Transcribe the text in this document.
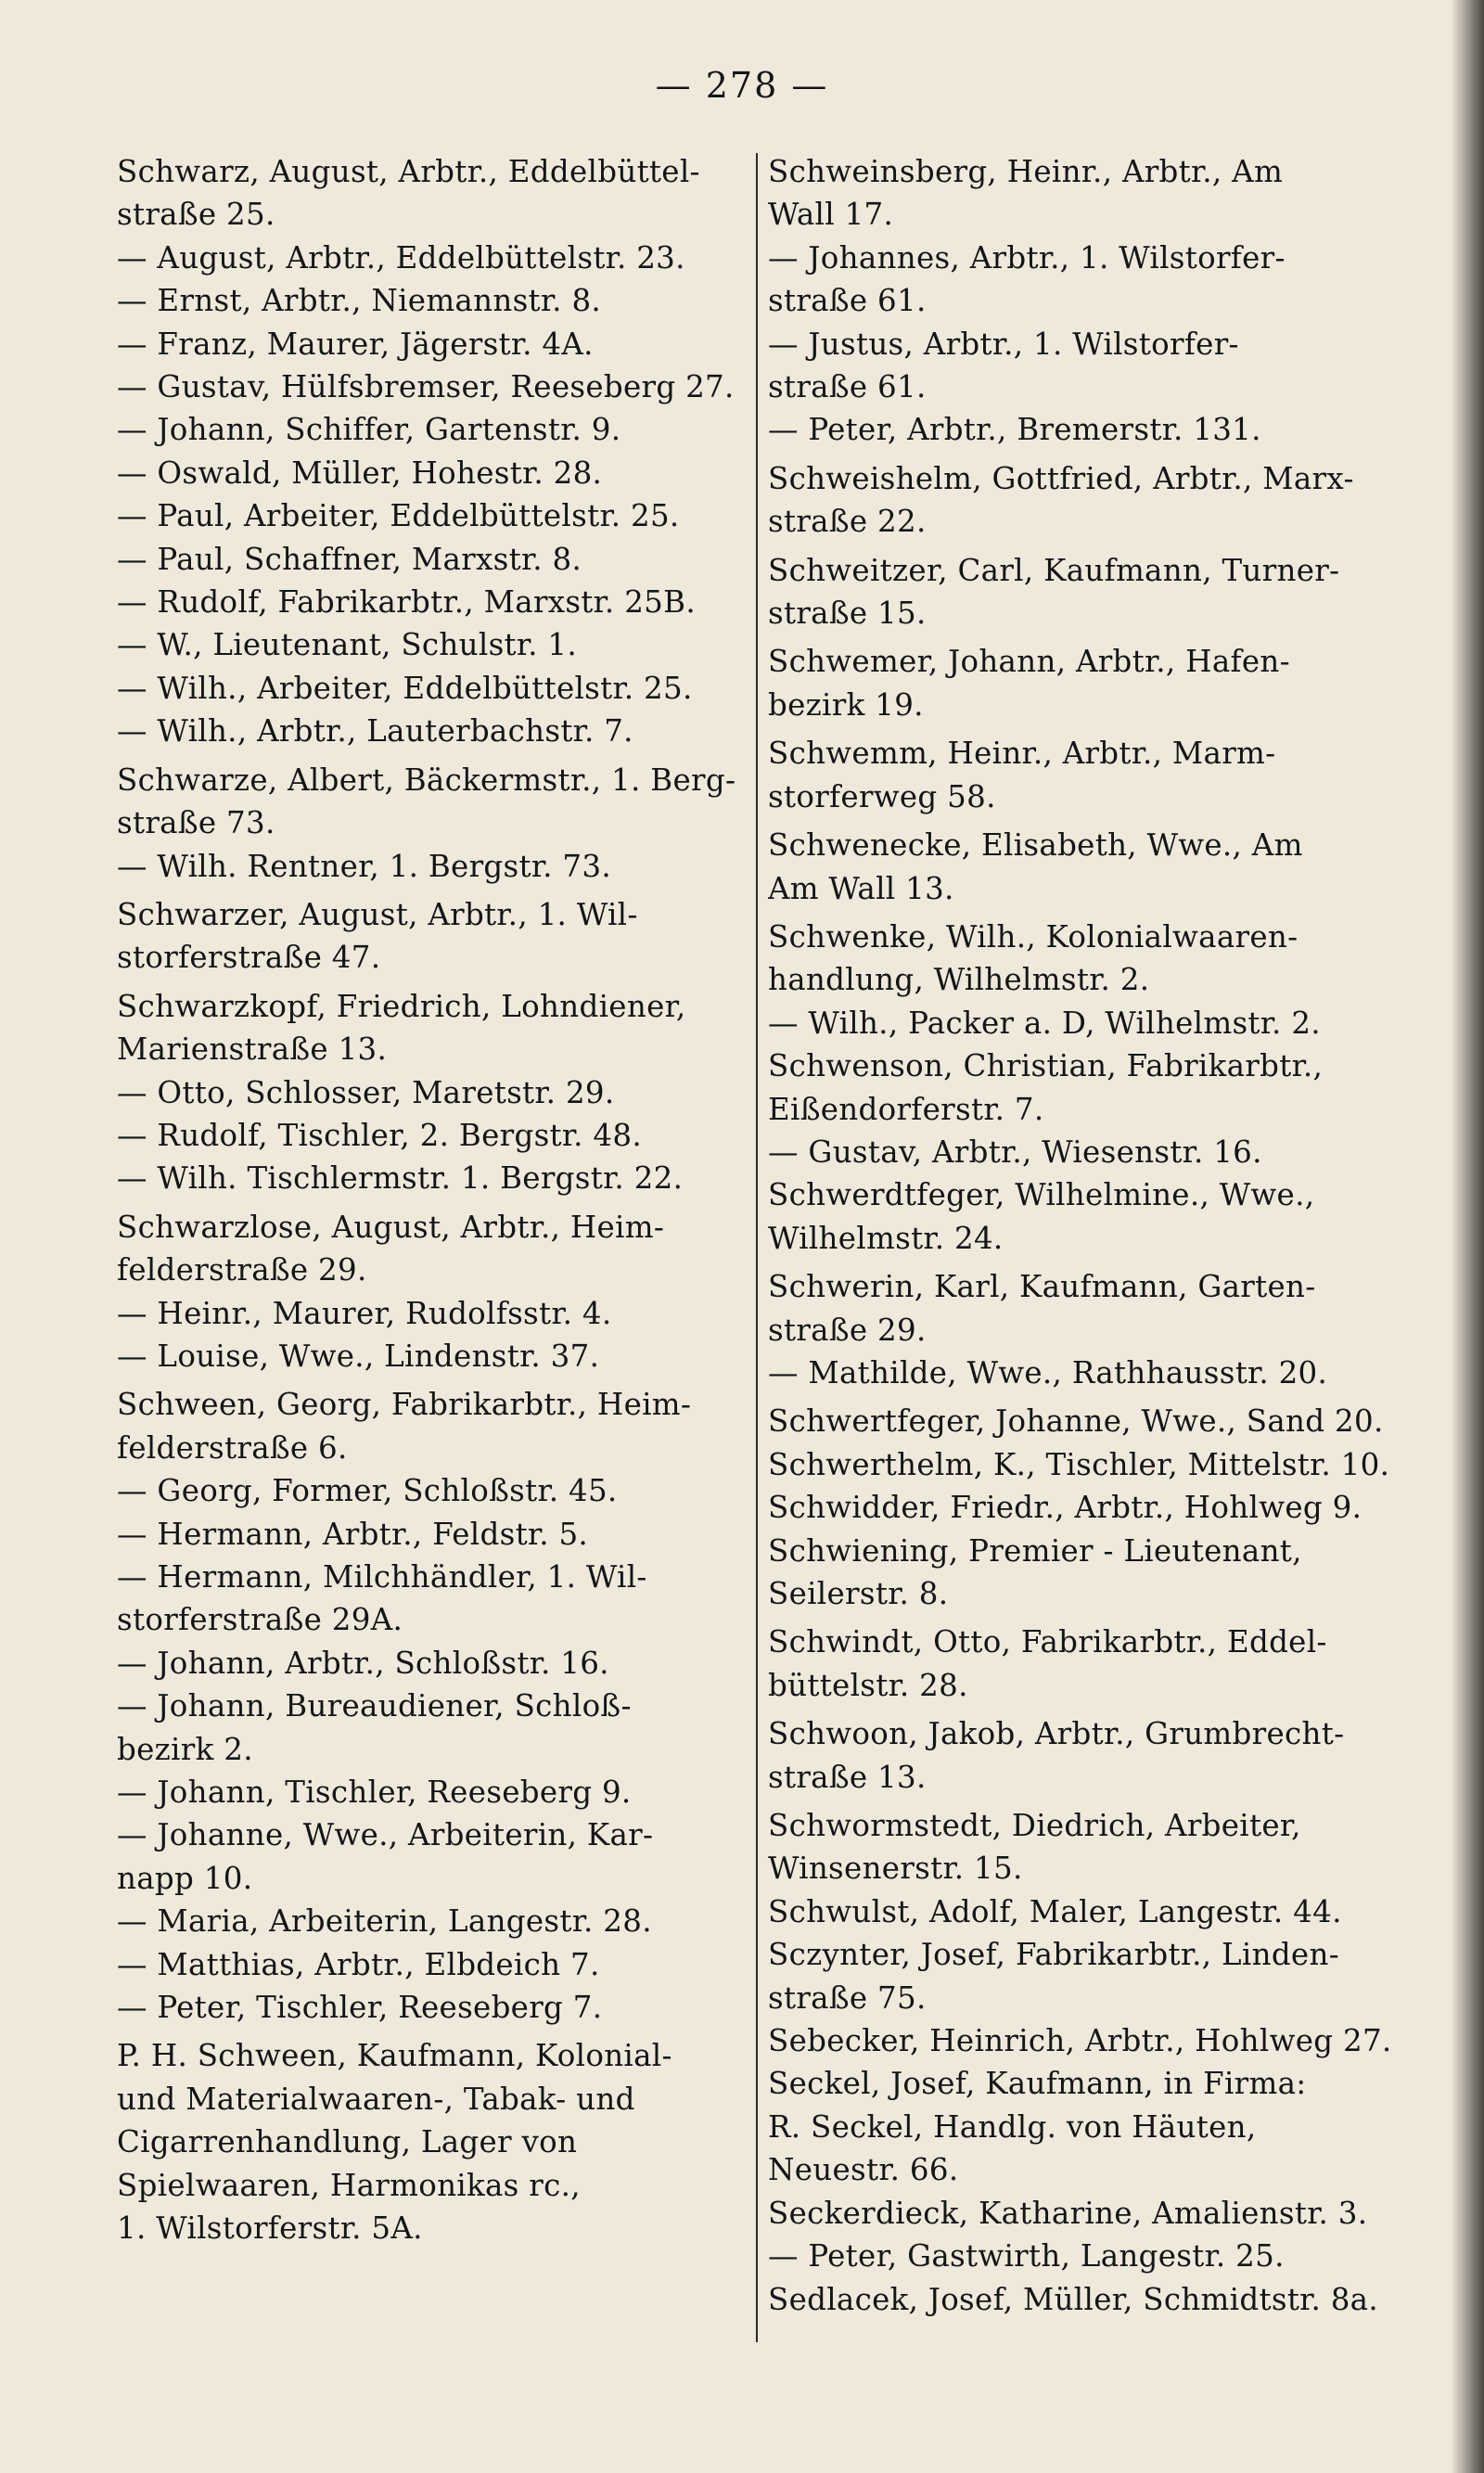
— 278 —
Schwarz, August, Arbtr., Eddelbüttel-
straße 25.
— August, Arbtr., Eddelbüttelstr. 23.
— Ernst, Arbtr., Niemannstr. 8.
— Franz, Maurer, Jägerstr. 4A.
— Gustav, Hülfsbremser, Reeseberg 27.
— Johann, Schiffer, Gartenstr. 9.
— Oswald, Müller, Hohestr. 28.
— Paul, Arbeiter, Eddelbüttelstr. 25.
— Paul, Schaffner, Marxstr. 8.
— Rudolf, Fabrikarbtr., Marxstr. 25B.
— W., Lieutenant, Schulstr. 1.
— Wilh., Arbeiter, Eddelbüttelstr. 25.
— Wilh., Arbtr., Lauterbachstr. 7.
Schwarze, Albert, Bäckermstr., 1. Berg-
straße 73.
— Wilh. Rentner, 1. Bergstr. 73.
Schwarzer, August, Arbtr., 1. Wil-
storferstraße 47.
Schwarzkopf, Friedrich, Lohndiener,
Marienstraße 13.
— Otto, Schlosser, Maretstr. 29.
— Rudolf, Tischler, 2. Bergstr. 48.
— Wilh. Tischlermstr. 1. Bergstr. 22.
Schwarzlose, August, Arbtr., Heim-
felderstraße 29.
— Heinr., Maurer, Rudolfsstr. 4.
— Louise, Wwe., Lindenstr. 37.
Schween, Georg, Fabrikarbtr., Heim-
felderstraße 6.
— Georg, Former, Schloßstr. 45.
— Hermann, Arbtr., Feldstr. 5.
— Hermann, Milchhändler, 1. Wil-
storferstraße 29A.
— Johann, Arbtr., Schloßstr. 16.
— Johann, Bureaudiener, Schloß-
bezirk 2.
— Johann, Tischler, Reeseberg 9.
— Johanne, Wwe., Arbeiterin, Kar-
napp 10.
— Maria, Arbeiterin, Langestr. 28.
— Matthias, Arbtr., Elbdeich 7.
— Peter, Tischler, Reeseberg 7.
P. H. Schween, Kaufmann, Kolonial-
und Materialwaaren-, Tabak- und
Cigarrenhandlung, Lager von
Spielwaaren, Harmonikas rc.,
1. Wilstorferstr. 5A.
Schweinsberg, Heinr., Arbtr., Am
Wall 17.
— Johannes, Arbtr., 1. Wilstorfer-
straße 61.
— Justus, Arbtr., 1. Wilstorfer-
straße 61.
— Peter, Arbtr., Bremerstr. 131.
Schweishelm, Gottfried, Arbtr., Marx-
straße 22.
Schweitzer, Carl, Kaufmann, Turner-
straße 15.
Schwemer, Johann, Arbtr., Hafen-
bezirk 19.
Schwemm, Heinr., Arbtr., Marm-
storferweg 58.
Schwenecke, Elisabeth, Wwe., Am
Am Wall 13.
Schwenke, Wilh., Kolonialwaaren-
handlung, Wilhelmstr. 2.
— Wilh., Packer a. D, Wilhelmstr. 2.
Schwenson, Christian, Fabrikarbtr.,
Eißendorferstr. 7.
— Gustav, Arbtr., Wiesenstr. 16.
Schwerdtfeger, Wilhelmine., Wwe.,
Wilhelmstr. 24.
Schwerin, Karl, Kaufmann, Garten-
straße 29.
— Mathilde, Wwe., Rathhausstr. 20.
Schwertfeger, Johanne, Wwe., Sand 20.
Schwerthelm, K., Tischler, Mittelstr. 10.
Schwidder, Friedr., Arbtr., Hohlweg 9.
Schwiening, Premier - Lieutenant,
Seilerstr. 8.
Schwindt, Otto, Fabrikarbtr., Eddel-
büttelstr. 28.
Schwoon, Jakob, Arbtr., Grumbrecht-
straße 13.
Schwormstedt, Diedrich, Arbeiter,
Winsenerstr. 15.
Schwulst, Adolf, Maler, Langestr. 44.
Sczynter, Josef, Fabrikarbtr., Linden-
straße 75.
Sebecker, Heinrich, Arbtr., Hohlweg 27.
Seckel, Josef, Kaufmann, in Firma:
R. Seckel, Handlg. von Häuten,
Neuestr. 66.
Seckerdieck, Katharine, Amalienstr. 3.
— Peter, Gastwirth, Langestr. 25.
Sedlacek, Josef, Müller, Schmidtstr. 8a.
